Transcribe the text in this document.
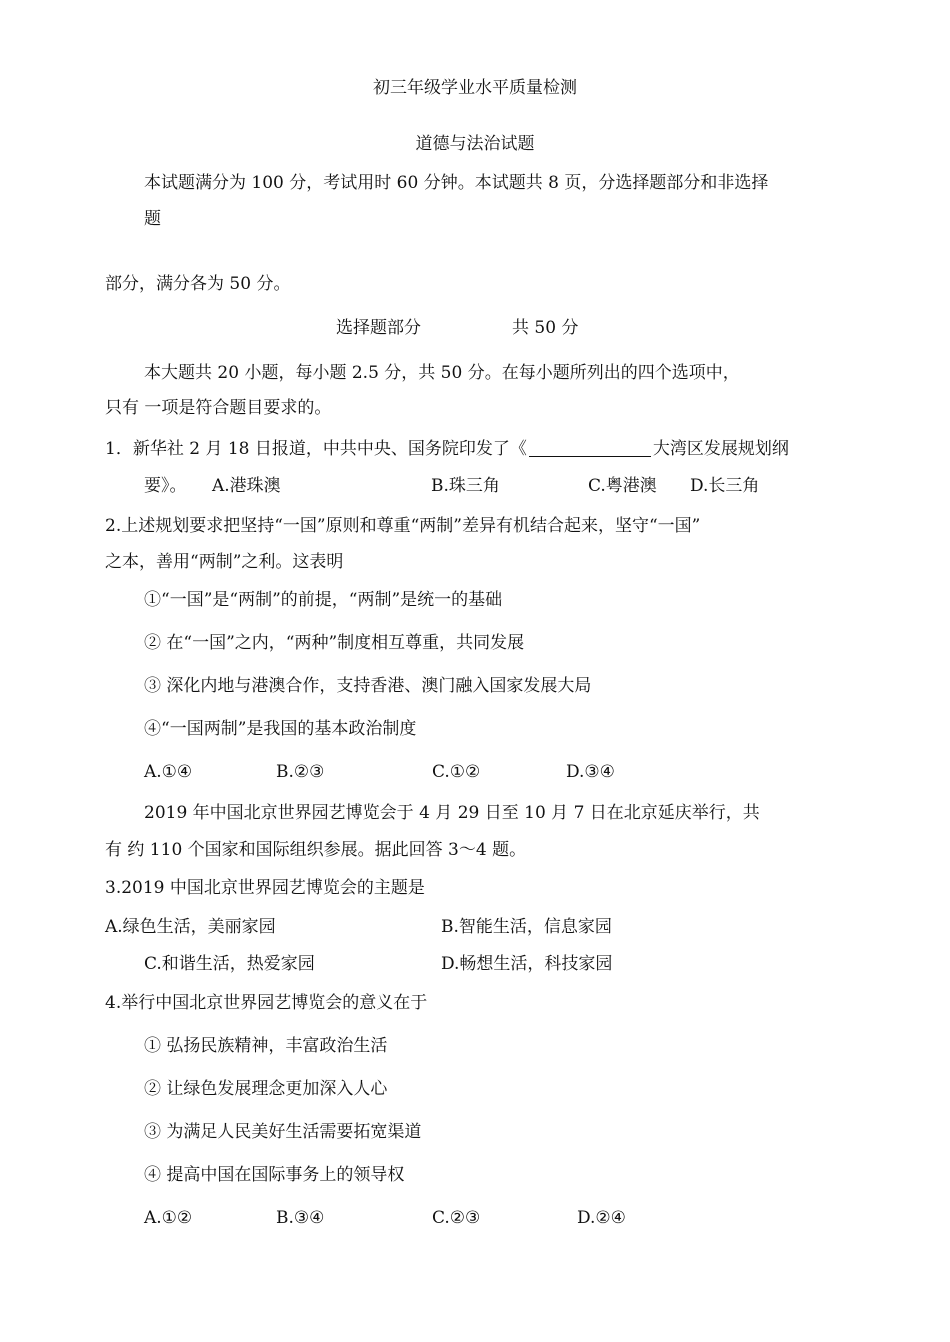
初三年级学业水平质量检测
道德与法治试题
本试题满分为 100 分，考试用时 60 分钟。本试题共 8 页，分选择题部分和非选择
题
部分，满分各为 50 分。
选择题部分	共 50 分
本大题共 20 小题，每小题 2.5 分，共 50 分。在每小题所列出的四个选项中，
只有 一项是符合题目要求的。
1．新华社 2 月 18 日报道，中共中央、国务院印发了《	大湾区发展规划纲
要》。 A.港珠澳	B.珠三角	C.粤港澳 D.长三角
2.上述规划要求把坚持“一国”原则和尊重“两制”差异有机结合起来，坚守“一国”
之本，善用“两制”之利。这表明
①“一国”是“两制”的前提，“两制”是统一的基础
② 在“一国”之内，“两种”制度相互尊重，共同发展
③ 深化内地与港澳合作，支持香港、澳门融入国家发展大局
④“一国两制”是我国的基本政治制度
A.①④	B.②③	C.①②	D.③④
2019 年中国北京世界园艺博览会于 4 月 29 日至 10 月 7 日在北京延庆举行，共
有 约 110 个国家和国际组织参展。据此回答 3～4 题。
3.2019 中国北京世界园艺博览会的主题是
A.绿色生活，美丽家园	B.智能生活，信息家园
C.和谐生活，热爱家园	D.畅想生活，科技家园
4.举行中国北京世界园艺博览会的意义在于
① 弘扬民族精神，丰富政治生活
② 让绿色发展理念更加深入人心
③ 为满足人民美好生活需要拓宽渠道
④ 提高中国在国际事务上的领导权
A.①②	B.③④	C.②③	D.②④
